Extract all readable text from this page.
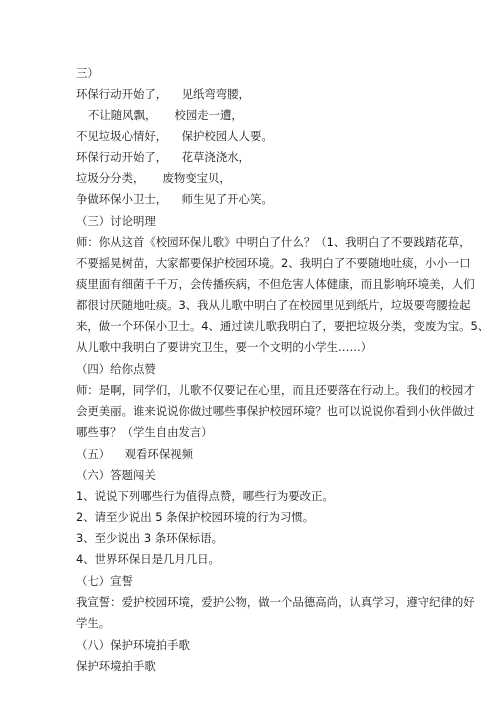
三）
环保行动开始了，    见纸弯弯腰，
不让随风飘，     校园走一遭，
不见垃圾心情好，    保护校园人人要。
环保行动开始了，    花草浇浇水，
垃圾分分类，     废物变宝贝，
争做环保小卫士，    师生见了开心笑。
（三）讨论明理
师：你从这首《校园环保儿歌》中明白了什么？（1、我明白了不要践踏花草，
不要摇晃树苗，大家都要保护校园环境。2、我明白了不要随地吐痰，小小一口
痰里面有细菌千千万，会传播疾病，不但危害人体健康，而且影响环境美，人们
都很讨厌随地吐痰。3、我从儿歌中明白了在校园里见到纸片，垃圾要弯腰捡起
来，做一个环保小卫士。4、通过读儿歌我明白了，要把垃圾分类，变废为宝。5、
从儿歌中我明白了要讲究卫生，要一个文明的小学生……）
（四）给你点赞
师：是啊，同学们，儿歌不仅要记在心里，而且还要落在行动上。我们的校园才
会更美丽。谁来说说你做过哪些事保护校园环境？也可以说说你看到小伙伴做过
哪些事？（学生自由发言）
（五）    观看环保视频
（六）答题闯关
1、说说下列哪些行为值得点赞，哪些行为要改正。
2、请至少说出 5 条保护校园环境的行为习惯。
3、至少说出 3 条环保标语。
4、世界环保日是几月几日。
（七）宣誓
我宣誓：爱护校园环境，爱护公物，做一个品德高尚，认真学习，遵守纪律的好
学生。
（八）保护环境拍手歌
保护环境拍手歌
